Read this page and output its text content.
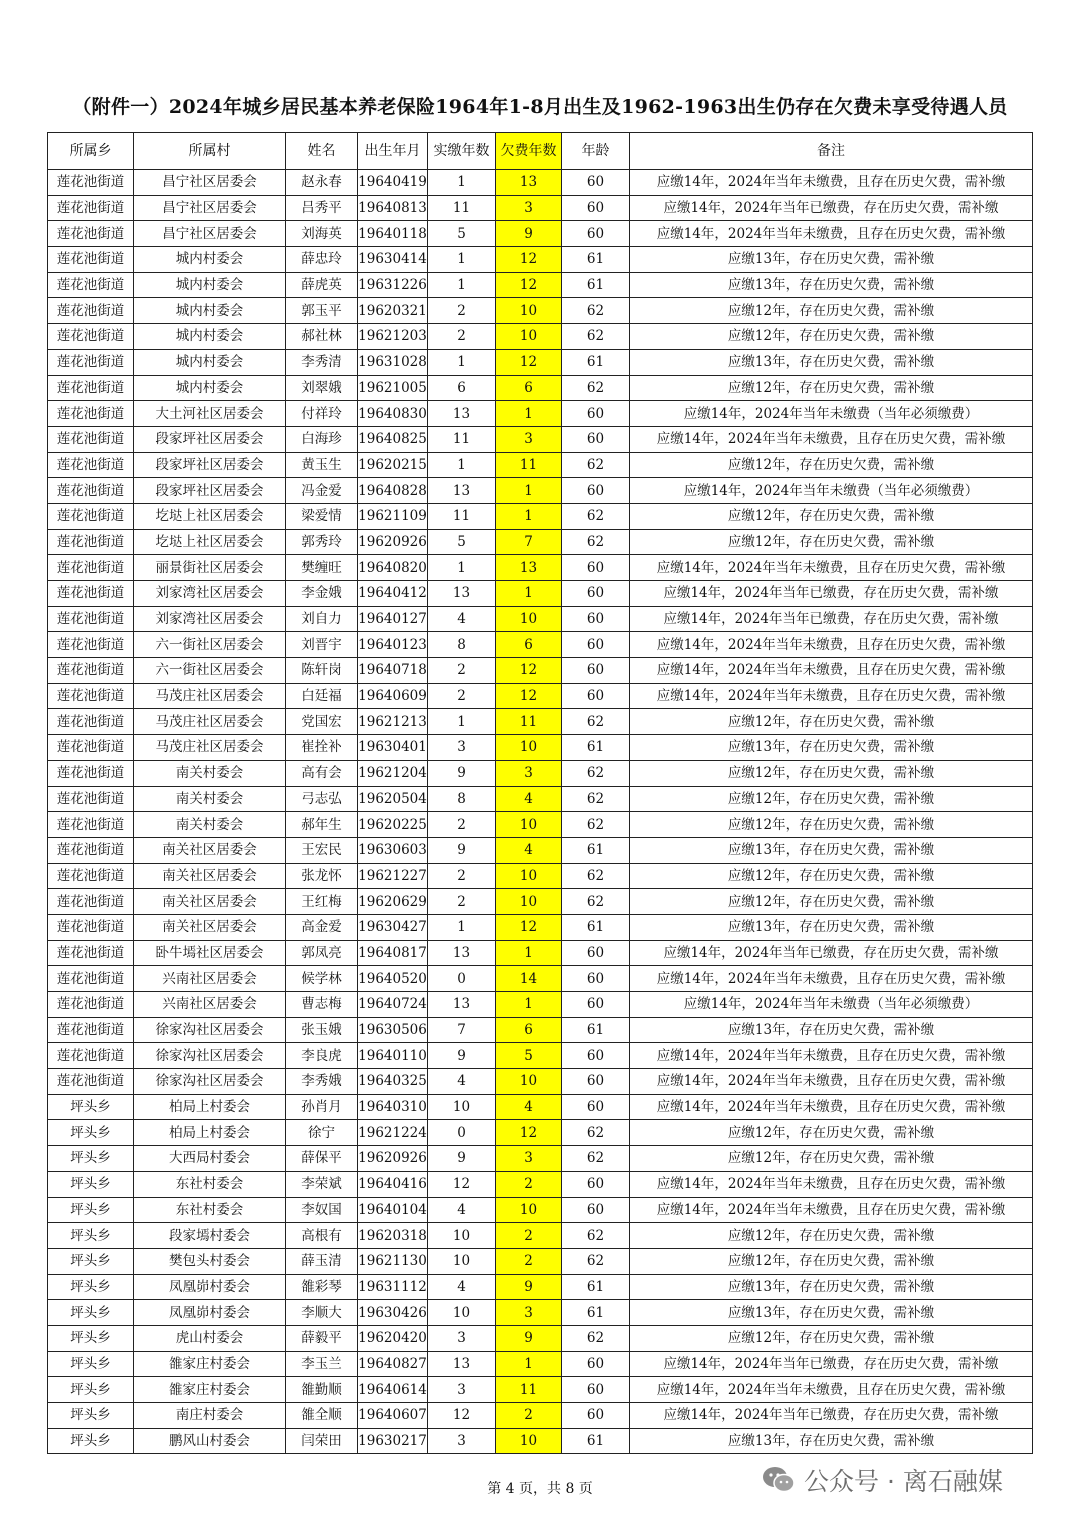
（附件一）2024年城乡居民基本养老保险1964年1-8月出生及1962-1963出生仍存在欠费未享受待遇人员
所属乡	所属村	姓名	出生年月	实缴年数	欠费年数	年龄	备注
莲花池街道	昌宁社区居委会	赵永春	19640419	1	13	60	应缴14年，2024年当年未缴费，且存在历史欠费，需补缴
莲花池街道	昌宁社区居委会	吕秀平	19640813	11	3	60	应缴14年，2024年当年已缴费，存在历史欠费，需补缴
莲花池街道	昌宁社区居委会	刘海英	19640118	5	9	60	应缴14年，2024年当年未缴费，且存在历史欠费，需补缴
莲花池街道	城内村委会	薛忠玲	19630414	1	12	61	应缴13年，存在历史欠费，需补缴
莲花池街道	城内村委会	薛虎英	19631226	1	12	61	应缴13年，存在历史欠费，需补缴
莲花池街道	城内村委会	郭玉平	19620321	2	10	62	应缴12年，存在历史欠费，需补缴
莲花池街道	城内村委会	郝社林	19621203	2	10	62	应缴12年，存在历史欠费，需补缴
莲花池街道	城内村委会	李秀清	19631028	1	12	61	应缴13年，存在历史欠费，需补缴
莲花池街道	城内村委会	刘翠娥	19621005	6	6	62	应缴12年，存在历史欠费，需补缴
莲花池街道	大土河社区居委会	付祥玲	19640830	13	1	60	应缴14年，2024年当年未缴费（当年必须缴费）
莲花池街道	段家坪社区居委会	白海珍	19640825	11	3	60	应缴14年，2024年当年未缴费，且存在历史欠费，需补缴
莲花池街道	段家坪社区居委会	黄玉生	19620215	1	11	62	应缴12年，存在历史欠费，需补缴
莲花池街道	段家坪社区居委会	冯金爱	19640828	13	1	60	应缴14年，2024年当年未缴费（当年必须缴费）
莲花池街道	圪垯上社区居委会	梁爱情	19621109	11	1	62	应缴12年，存在历史欠费，需补缴
莲花池街道	圪垯上社区居委会	郭秀玲	19620926	5	7	62	应缴12年，存在历史欠费，需补缴
莲花池街道	丽景街社区居委会	樊缠旺	19640820	1	13	60	应缴14年，2024年当年未缴费，且存在历史欠费，需补缴
莲花池街道	刘家湾社区居委会	李金娥	19640412	13	1	60	应缴14年，2024年当年已缴费，存在历史欠费，需补缴
莲花池街道	刘家湾社区居委会	刘自力	19640127	4	10	60	应缴14年，2024年当年已缴费，存在历史欠费，需补缴
莲花池街道	六一街社区居委会	刘晋宇	19640123	8	6	60	应缴14年，2024年当年未缴费，且存在历史欠费，需补缴
莲花池街道	六一街社区居委会	陈轩岗	19640718	2	12	60	应缴14年，2024年当年未缴费，且存在历史欠费，需补缴
莲花池街道	马茂庄社区居委会	白廷福	19640609	2	12	60	应缴14年，2024年当年未缴费，且存在历史欠费，需补缴
莲花池街道	马茂庄社区居委会	党国宏	19621213	1	11	62	应缴12年，存在历史欠费，需补缴
莲花池街道	马茂庄社区居委会	崔拴补	19630401	3	10	61	应缴13年，存在历史欠费，需补缴
莲花池街道	南关村委会	高有会	19621204	9	3	62	应缴12年，存在历史欠费，需补缴
莲花池街道	南关村委会	弓志弘	19620504	8	4	62	应缴12年，存在历史欠费，需补缴
莲花池街道	南关村委会	郝年生	19620225	2	10	62	应缴12年，存在历史欠费，需补缴
莲花池街道	南关社区居委会	王宏民	19630603	9	4	61	应缴13年，存在历史欠费，需补缴
莲花池街道	南关社区居委会	张龙怀	19621227	2	10	62	应缴12年，存在历史欠费，需补缴
莲花池街道	南关社区居委会	王红梅	19620629	2	10	62	应缴12年，存在历史欠费，需补缴
莲花池街道	南关社区居委会	高金爱	19630427	1	12	61	应缴13年，存在历史欠费，需补缴
莲花池街道	卧牛墕社区居委会	郭凤亮	19640817	13	1	60	应缴14年，2024年当年已缴费，存在历史欠费，需补缴
莲花池街道	兴南社区居委会	候学林	19640520	0	14	60	应缴14年，2024年当年未缴费，且存在历史欠费，需补缴
莲花池街道	兴南社区居委会	曹志梅	19640724	13	1	60	应缴14年，2024年当年未缴费（当年必须缴费）
莲花池街道	徐家沟社区居委会	张玉娥	19630506	7	6	61	应缴13年，存在历史欠费，需补缴
莲花池街道	徐家沟社区居委会	李良虎	19640110	9	5	60	应缴14年，2024年当年未缴费，且存在历史欠费，需补缴
莲花池街道	徐家沟社区居委会	李秀娥	19640325	4	10	60	应缴14年，2024年当年未缴费，且存在历史欠费，需补缴
坪头乡	柏局上村委会	孙肖月	19640310	10	4	60	应缴14年，2024年当年未缴费，且存在历史欠费，需补缴
坪头乡	柏局上村委会	徐宁	19621224	0	12	62	应缴12年，存在历史欠费，需补缴
坪头乡	大西局村委会	薛保平	19620926	9	3	62	应缴12年，存在历史欠费，需补缴
坪头乡	东社村委会	李荣斌	19640416	12	2	60	应缴14年，2024年当年未缴费，且存在历史欠费，需补缴
坪头乡	东社村委会	李奴国	19640104	4	10	60	应缴14年，2024年当年未缴费，且存在历史欠费，需补缴
坪头乡	段家墕村委会	高根有	19620318	10	2	62	应缴12年，存在历史欠费，需补缴
坪头乡	樊包头村委会	薛玉清	19621130	10	2	62	应缴12年，存在历史欠费，需补缴
坪头乡	凤凰峁村委会	雒彩琴	19631112	4	9	61	应缴13年，存在历史欠费，需补缴
坪头乡	凤凰峁村委会	李顺大	19630426	10	3	61	应缴13年，存在历史欠费，需补缴
坪头乡	虎山村委会	薛毅平	19620420	3	9	62	应缴12年，存在历史欠费，需补缴
坪头乡	雒家庄村委会	李玉兰	19640827	13	1	60	应缴14年，2024年当年已缴费，存在历史欠费，需补缴
坪头乡	雒家庄村委会	雒勤顺	19640614	3	11	60	应缴14年，2024年当年未缴费，且存在历史欠费，需补缴
坪头乡	南庄村委会	雒全顺	19640607	12	2	60	应缴14年，2024年当年已缴费，存在历史欠费，需补缴
坪头乡	鹏风山村委会	闫荣田	19630217	3	10	61	应缴13年，存在历史欠费，需补缴
第 4 页，共 8 页	公众号 · 离石融媒
